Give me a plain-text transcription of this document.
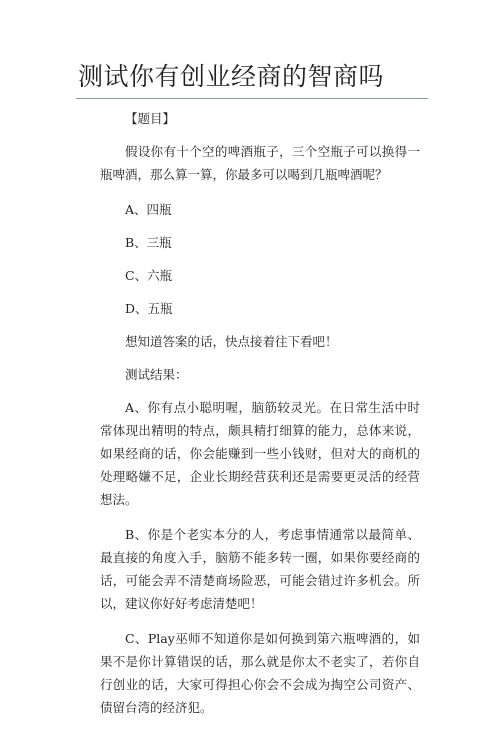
测试你有创业经商的智商吗

【题目】

假设你有十个空的啤酒瓶子，三个空瓶子可以换得一瓶啤酒，那么算一算，你最多可以喝到几瓶啤酒呢？

A、四瓶

B、三瓶

C、六瓶

D、五瓶

想知道答案的话，快点接着往下看吧！

测试结果：

A、你有点小聪明喔，脑筋较灵光。在日常生活中时常体现出精明的特点，颇具精打细算的能力，总体来说，如果经商的话，你会能赚到一些小钱财，但对大的商机的处理略嫌不足，企业长期经营获利还是需要更灵活的经营想法。

B、你是个老实本分的人，考虑事情通常以最简单、最直接的角度入手，脑筋不能多转一圈，如果你要经商的话，可能会弄不清楚商场险恶，可能会错过许多机会。所以，建议你好好考虑清楚吧！

C、Play巫师不知道你是如何换到第六瓶啤酒的，如果不是你计算错误的话，那么就是你太不老实了，若你自行创业的话，大家可得担心你会不会成为掏空公司资产、债留台湾的经济犯。
